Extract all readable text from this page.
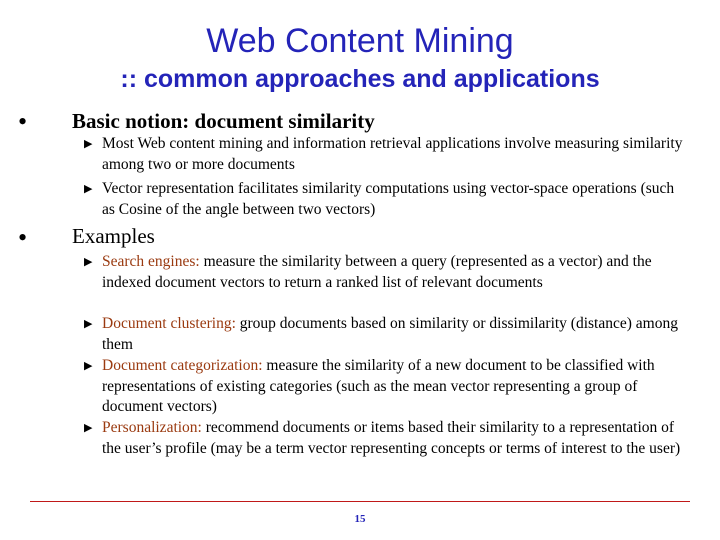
Web Content Mining
:: common approaches and applications
• Basic notion: document similarity
▶ Most Web content mining and information retrieval applications involve measuring similarity among two or more documents
▶ Vector representation facilitates similarity computations using vector-space operations (such as Cosine of the angle between two vectors)
• Examples
▶ Search engines: measure the similarity between a query (represented as a vector) and the indexed document vectors to return a ranked list of relevant documents
▶ Document clustering: group documents based on similarity or dissimilarity (distance) among them
▶ Document categorization: measure the similarity of a new document to be classified with representations of existing categories (such as the mean vector representing a group of document vectors)
▶ Personalization: recommend documents or items based their similarity to a representation of the user’s profile (may be a term vector representing concepts or terms of interest to the user)
15
